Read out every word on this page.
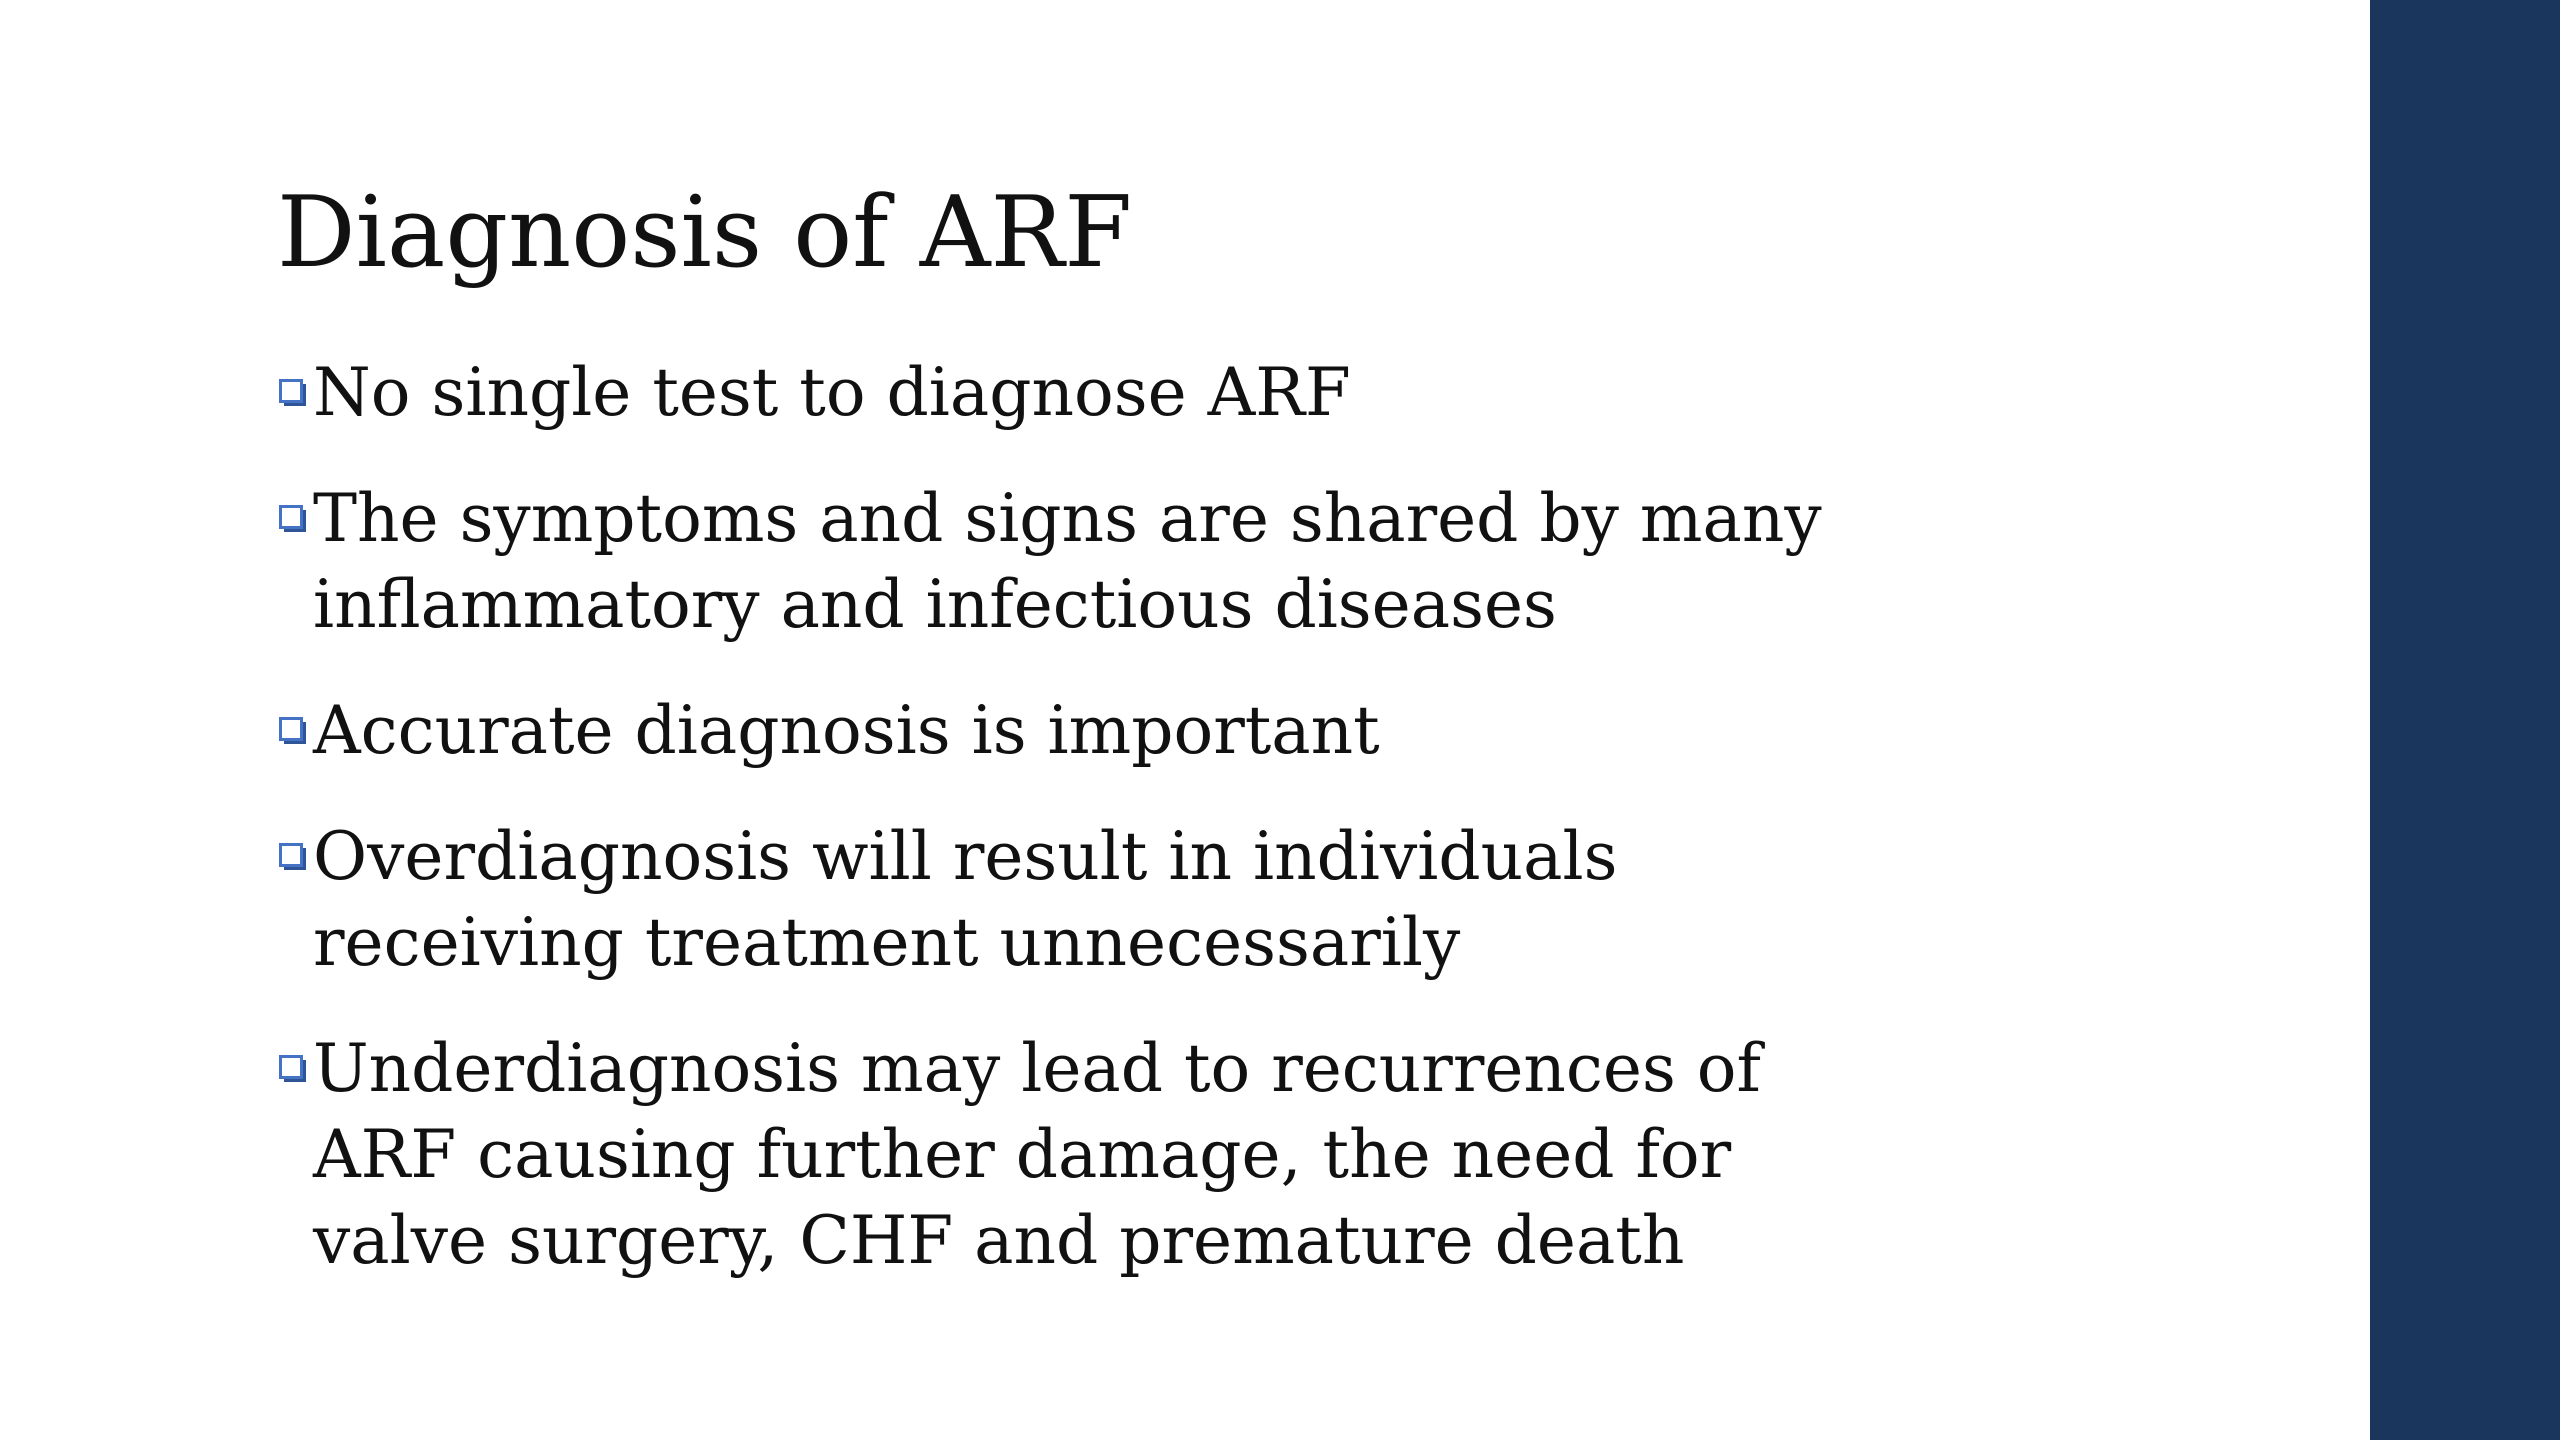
Diagnosis of ARF
No single test to diagnose ARF
The symptoms and signs are shared by many inflammatory and infectious diseases
Accurate diagnosis is important
Overdiagnosis will result in individuals receiving treatment unnecessarily
Underdiagnosis may lead to recurrences of ARF causing further damage, the need for valve surgery, CHF and premature death
